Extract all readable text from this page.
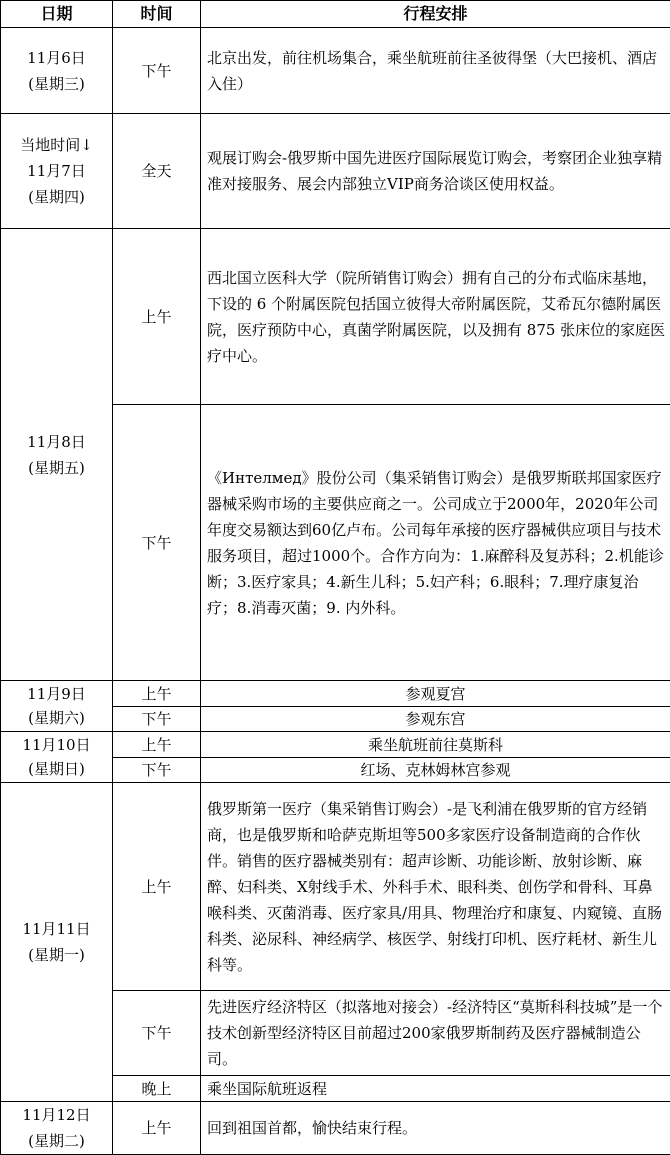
日期	时间	行程安排

11月6日
(星期三)	下午	北京出发，前往机场集合，乘坐航班前往圣彼得堡（大巴接机、酒店入住）

当地时间↓
11月7日
(星期四)	全天	观展订购会-俄罗斯中国先进医疗国际展览订购会，考察团企业独享精准对接服务、展会内部独立VIP商务洽谈区使用权益。

11月8日
(星期五)	上午	西北国立医科大学（院所销售订购会）拥有自己的分布式临床基地，下设的 6 个附属医院包括国立彼得大帝附属医院，艾希瓦尔德附属医院，医疗预防中心，真菌学附属医院，以及拥有 875 张床位的家庭医疗中心。
	下午	《Интелмед》股份公司（集采销售订购会）是俄罗斯联邦国家医疗器械采购市场的主要供应商之一。公司成立于2000年，2020年公司年度交易额达到60亿卢布。公司每年承接的医疗器械供应项目与技术服务项目，超过1000个。合作方向为：1.麻醉科及复苏科；2.机能诊断；3.医疗家具；4.新生儿科；5.妇产科；6.眼科；7.理疗康复治疗；8.消毒灭菌；9. 内外科。

11月9日
(星期六)	上午	参观夏宫
	下午	参观东宫

11月10日
(星期日)	上午	乘坐航班前往莫斯科
	下午	红场、克林姆林宫参观

11月11日
(星期一)	上午	俄罗斯第一医疗（集采销售订购会）-是飞利浦在俄罗斯的官方经销商，也是俄罗斯和哈萨克斯坦等500多家医疗设备制造商的合作伙伴。销售的医疗器械类别有：超声诊断、功能诊断、放射诊断、麻醉、妇科类、X射线手术、外科手术、眼科类、创伤学和骨科、耳鼻喉科类、灭菌消毒、医疗家具/用具、物理治疗和康复、内窥镜、直肠科类、泌尿科、神经病学、核医学、射线打印机、医疗耗材、新生儿科等。
	下午	先进医疗经济特区（拟落地对接会）-经济特区“莫斯科科技城”是一个技术创新型经济特区目前超过200家俄罗斯制药及医疗器械制造公司。
	晚上	乘坐国际航班返程

11月12日
(星期二)	上午	回到祖国首都，愉快结束行程。
